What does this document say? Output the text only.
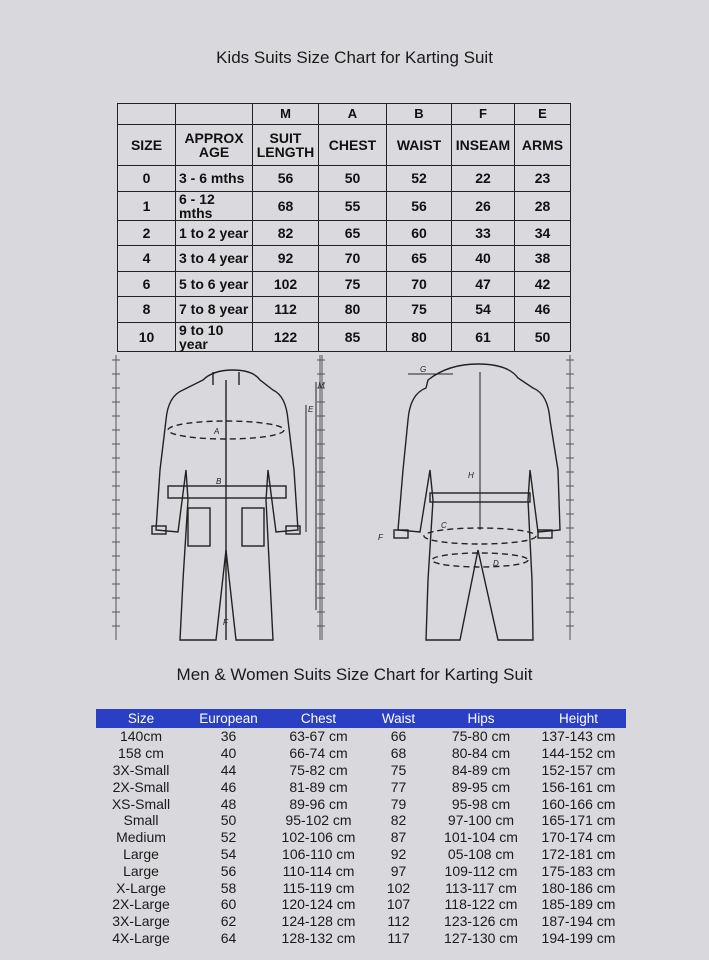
Kids Suits Size Chart for Karting Suit
		M	A	B	F	E
SIZE	APPROX AGE	SUIT LENGTH	CHEST	WAIST	INSEAM	ARMS
0	3 - 6 mths	56	50	52	22	23
1	6 - 12 mths	68	55	56	26	28
2	1 to 2 year	82	65	60	33	34
4	3 to 4 year	92	70	65	40	38
6	5 to 6 year	102	75	70	47	42
8	7 to 8 year	112	80	75	54	46
10	9 to 10 year	122	85	80	61	50
A
B
E
M
F
G
H
C
D
F
Men & Women Suits Size Chart for Karting Suit
Size	European	Chest	Waist	Hips	Height
140cm	36	63-67 cm	66	75-80 cm	137-143 cm
158 cm	40	66-74 cm	68	80-84 cm	144-152 cm
3X-Small	44	75-82 cm	75	84-89 cm	152-157 cm
2X-Small	46	81-89 cm	77	89-95 cm	156-161 cm
XS-Small	48	89-96 cm	79	95-98 cm	160-166 cm
Small	50	95-102 cm	82	97-100 cm	165-171 cm
Medium	52	102-106 cm	87	101-104 cm	170-174 cm
Large	54	106-110 cm	92	05-108 cm	172-181 cm
Large	56	110-114 cm	97	109-112 cm	175-183 cm
X-Large	58	115-119 cm	102	113-117 cm	180-186 cm
2X-Large	60	120-124 cm	107	118-122 cm	185-189 cm
3X-Large	62	124-128 cm	112	123-126 cm	187-194 cm
4X-Large	64	128-132 cm	117	127-130 cm	194-199 cm
